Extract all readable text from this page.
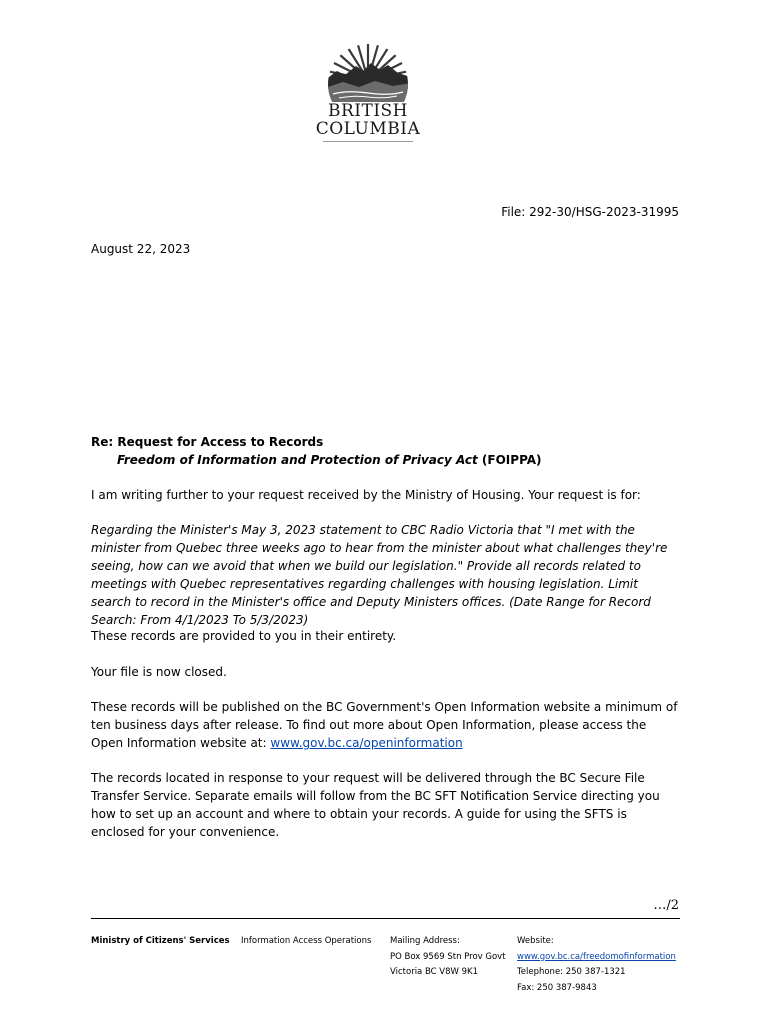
BRITISH
COLUMBIA
File: 292-30/HSG-2023-31995
August 22, 2023
Re: Request for Access to Records
Freedom of Information and Protection of Privacy Act (FOIPPA)
I am writing further to your request received by the Ministry of Housing. Your request is for:
Regarding the Minister's May 3, 2023 statement to CBC Radio Victoria that "I met with the minister from Quebec three weeks ago to hear from the minister about what challenges they're seeing, how can we avoid that when we build our legislation." Provide all records related to meetings with Quebec representatives regarding challenges with housing legislation. Limit search to record in the Minister's office and Deputy Ministers offices. (Date Range for Record Search: From 4/1/2023 To 5/3/2023)
These records are provided to you in their entirety.
Your file is now closed.
These records will be published on the BC Government's Open Information website a minimum of ten business days after release. To find out more about Open Information, please access the Open Information website at: www.gov.bc.ca/openinformation
The records located in response to your request will be delivered through the BC Secure File Transfer Service. Separate emails will follow from the BC SFT Notification Service directing you how to set up an account and where to obtain your records. A guide for using the SFTS is enclosed for your convenience.
…/2
Ministry of Citizens' Services Information Access Operations Mailing Address:
PO Box 9569 Stn Prov Govt
Victoria BC V8W 9K1
Website:
www.gov.bc.ca/freedomofinformation
Telephone: 250 387-1321
Fax: 250 387-9843
